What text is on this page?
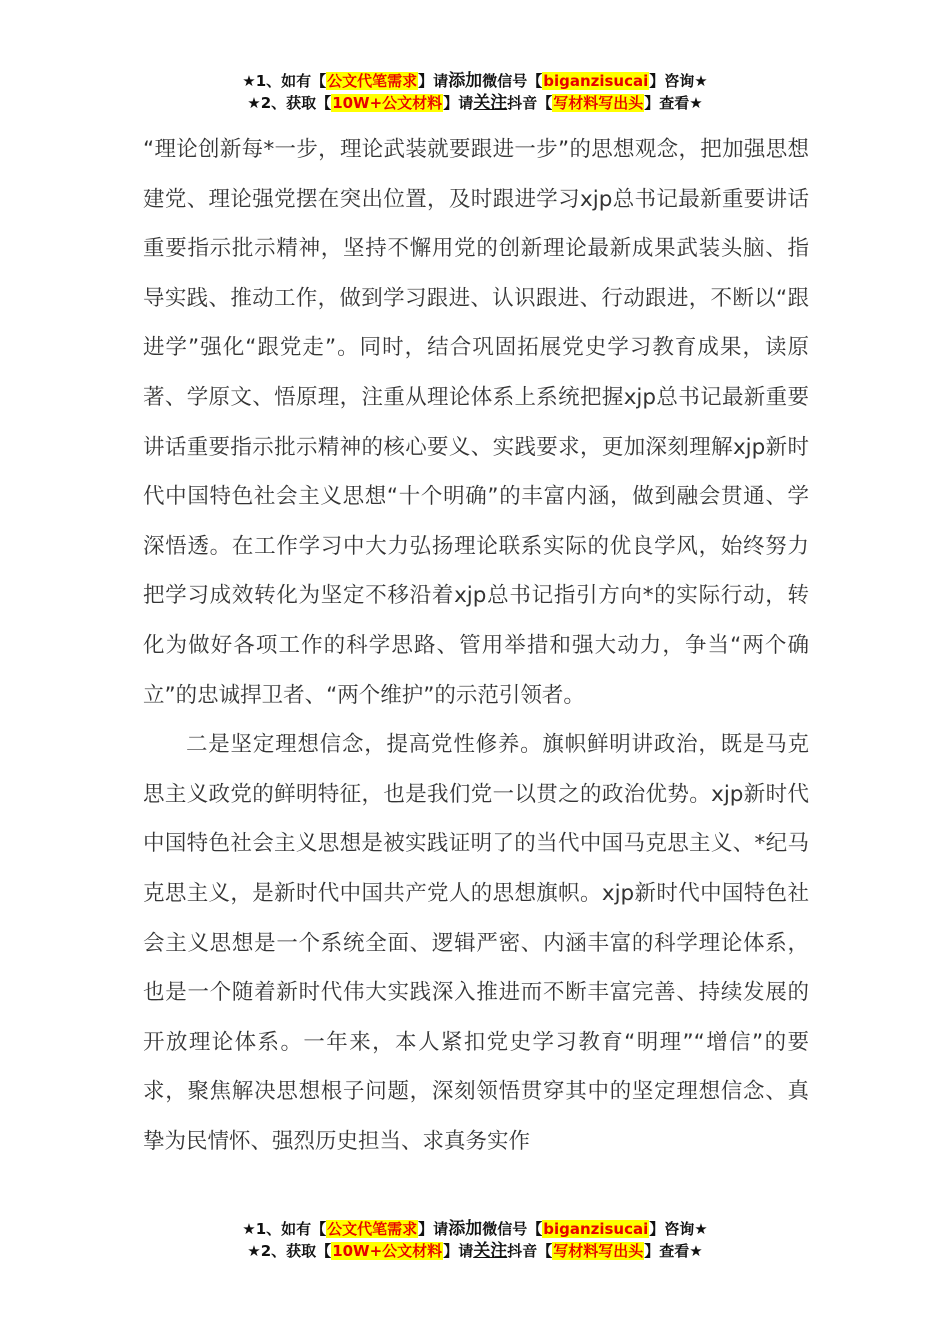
★1、如有【公文代笔需求】请添加微信号【biganzisucai】咨询★
★2、获取【10W+公文材料】请关注抖音【写材料写出头】查看★

“理论创新每*一步，理论武装就要跟进一步”的思想观念，把加强思想建党、理论强党摆在突出位置，及时跟进学习xjp总书记最新重要讲话重要指示批示精神，坚持不懈用党的创新理论最新成果武装头脑、指导实践、推动工作，做到学习跟进、认识跟进、行动跟进，不断以“跟进学”强化“跟党走”。同时，结合巩固拓展党史学习教育成果，读原著、学原文、悟原理，注重从理论体系上系统把握xjp总书记最新重要讲话重要指示批示精神的核心要义、实践要求，更加深刻理解xjp新时代中国特色社会主义思想“十个明确”的丰富内涵，做到融会贯通、学深悟透。在工作学习中大力弘扬理论联系实际的优良学风，始终努力把学习成效转化为坚定不移沿着xjp总书记指引方向*的实际行动，转化为做好各项工作的科学思路、管用举措和强大动力，争当“两个确立”的忠诚捍卫者、“两个维护”的示范引领者。

二是坚定理想信念，提高党性修养。旗帜鲜明讲政治，既是马克思主义政党的鲜明特征，也是我们党一以贯之的政治优势。xjp新时代中国特色社会主义思想是被实践证明了的当代中国马克思主义、*纪马克思主义，是新时代中国共产党人的思想旗帜。xjp新时代中国特色社会主义思想是一个系统全面、逻辑严密、内涵丰富的科学理论体系，也是一个随着新时代伟大实践深入推进而不断丰富完善、持续发展的开放理论体系。一年来，本人紧扣党史学习教育“明理”“增信”的要求，聚焦解决思想根子问题，深刻领悟贯穿其中的坚定理想信念、真挚为民情怀、强烈历史担当、求真务实作

★1、如有【公文代笔需求】请添加微信号【biganzisucai】咨询★
★2、获取【10W+公文材料】请关注抖音【写材料写出头】查看★
